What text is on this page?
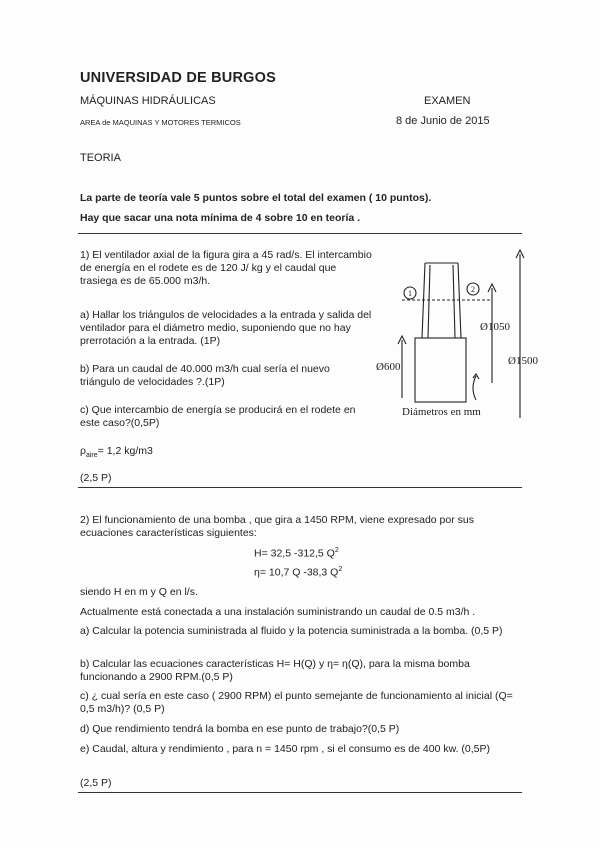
UNIVERSIDAD DE BURGOS
MÁQUINAS HIDRÁULICAS	EXAMEN
AREA de MAQUINAS Y MOTORES TERMICOS	8 de Junio de 2015
TEORIA
La parte de teoría vale 5 puntos sobre el total del examen ( 10 puntos).
Hay que sacar una nota mínima de 4 sobre 10 en teoría .
1) El ventilador axial de la figura gira a 45 rad/s. El intercambio de energía en el rodete es de 120 J/ kg y el caudal que trasiega es de 65.000 m3/h.
a) Hallar los triángulos de velocidades a la entrada y salida del ventilador para el diámetro medio, suponiendo que no hay prerrotación a la entrada. (1P)
b) Para un caudal de 40.000 m3/h cual sería el nuevo triángulo de velocidades ?.(1P)
c) Que intercambio de energía se producirá en el rodete en este caso?(0,5P)
$\rho_{aire}= 1,2$ kg/m3
(2,5 P)
1	2
Ø1050
Ø600	Ø1500
Diámetros en mm
2) El funcionamiento de una bomba , que gira a 1450 RPM, viene expresado por sus ecuaciones características siguientes:
H= 32,5 -312,5 $Q^2$
η= 10,7 Q -38,3 $Q^2$
siendo H en m y Q en l/s.
Actualmente está conectada a una instalación suministrando un caudal de 0.5 m3/h .
a) Calcular la potencia suministrada al fluido y la potencia suministrada a la bomba. (0,5 P)
b) Calcular las ecuaciones características H= H(Q) y η= η(Q), para la misma bomba funcionando a 2900 RPM.(0,5 P)
c) ¿ cual sería en este caso ( 2900 RPM) el punto semejante de funcionamiento al inicial (Q= 0,5 m3/h)? (0,5 P)
d) Que rendimiento tendrá la bomba en ese punto de trabajo?(0,5 P)
e) Caudal, altura y rendimiento , para n = 1450 rpm , si el consumo es de 400 kw. (0,5P)
(2,5 P)
